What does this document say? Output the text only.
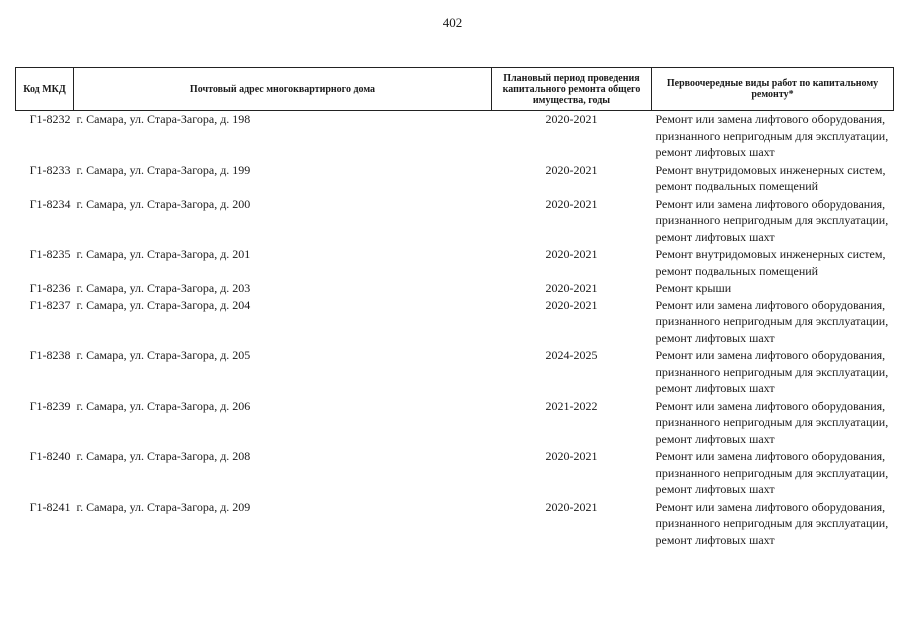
402
Код МКД	Почтовый адрес многоквартирного дома	Плановый период проведения капитального ремонта общего имущества, годы	Первоочередные виды работ по капитальному ремонту*
Г1-8232	г. Самара, ул. Стара-Загора, д. 198	2020-2021	Ремонт или замена лифтового оборудования, признанного непригодным для эксплуатации, ремонт лифтовых шахт
Г1-8233	г. Самара, ул. Стара-Загора, д. 199	2020-2021	Ремонт внутридомовых инженерных систем, ремонт подвальных помещений
Г1-8234	г. Самара, ул. Стара-Загора, д. 200	2020-2021	Ремонт или замена лифтового оборудования, признанного непригодным для эксплуатации, ремонт лифтовых шахт
Г1-8235	г. Самара, ул. Стара-Загора, д. 201	2020-2021	Ремонт внутридомовых инженерных систем, ремонт подвальных помещений
Г1-8236	г. Самара, ул. Стара-Загора, д. 203	2020-2021	Ремонт крыши
Г1-8237	г. Самара, ул. Стара-Загора, д. 204	2020-2021	Ремонт или замена лифтового оборудования, признанного непригодным для эксплуатации, ремонт лифтовых шахт
Г1-8238	г. Самара, ул. Стара-Загора, д. 205	2024-2025	Ремонт или замена лифтового оборудования, признанного непригодным для эксплуатации, ремонт лифтовых шахт
Г1-8239	г. Самара, ул. Стара-Загора, д. 206	2021-2022	Ремонт или замена лифтового оборудования, признанного непригодным для эксплуатации, ремонт лифтовых шахт
Г1-8240	г. Самара, ул. Стара-Загора, д. 208	2020-2021	Ремонт или замена лифтового оборудования, признанного непригодным для эксплуатации, ремонт лифтовых шахт
Г1-8241	г. Самара, ул. Стара-Загора, д. 209	2020-2021	Ремонт или замена лифтового оборудования, признанного непригодным для эксплуатации, ремонт лифтовых шахт
